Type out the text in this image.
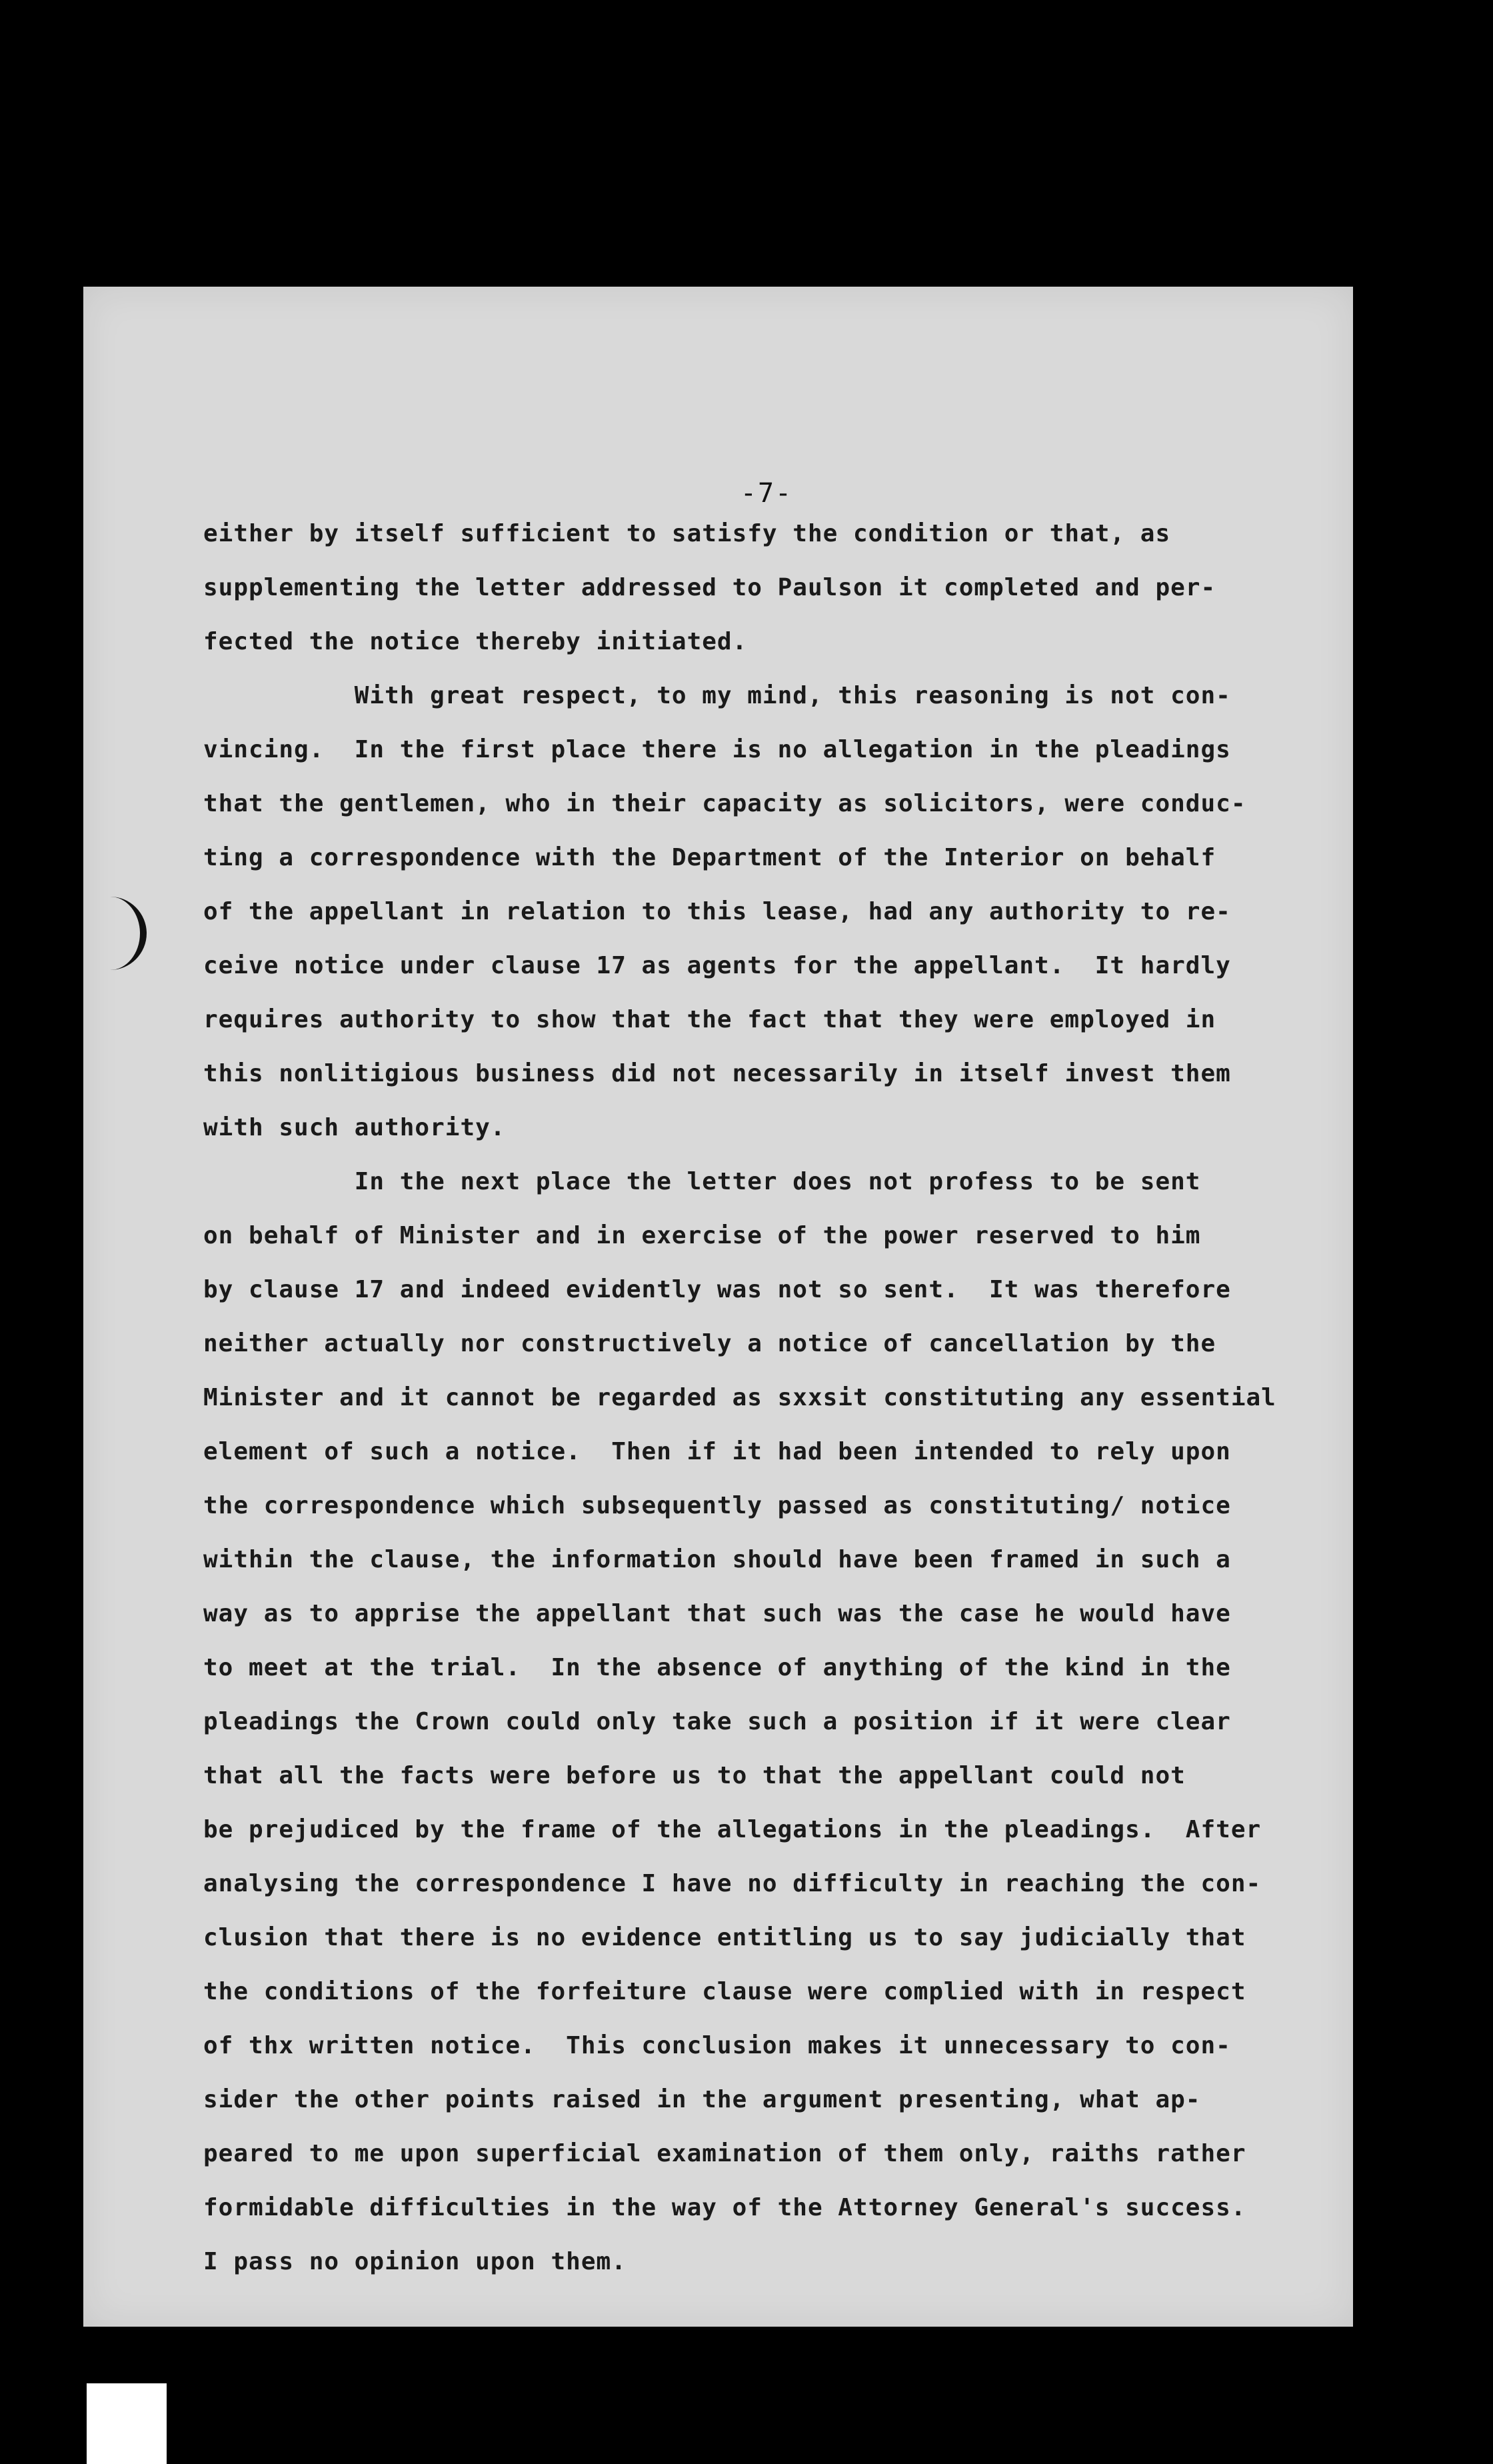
-7-
either by itself sufficient to satisfy the condition or that, as
supplementing the letter addressed to Paulson it completed and per-
fected the notice thereby initiated.
With great respect, to my mind, this reasoning is not con-
vincing.  In the first place there is no allegation in the pleadings
that the gentlemen, who in their capacity as solicitors, were conduc-
ting a correspondence with the Department of the Interior on behalf
of the appellant in relation to this lease, had any authority to re-
ceive notice under clause 17 as agents for the appellant.  It hardly
requires authority to show that the fact that they were employed in
this nonlitigious business did not necessarily in itself invest them
with such authority.
In the next place the letter does not profess to be sent
on behalf of Minister and in exercise of the power reserved to him
by clause 17 and indeed evidently was not so sent.  It was therefore
neither actually nor constructively a notice of cancellation by the
Minister and it cannot be regarded as sxxsit constituting any essential
element of such a notice.  Then if it had been intended to rely upon
the correspondence which subsequently passed as constituting/ notice
within the clause, the information should have been framed in such a
way as to apprise the appellant that such was the case he would have
to meet at the trial.  In the absence of anything of the kind in the
pleadings the Crown could only take such a position if it were clear
that all the facts were before us to that the appellant could not
be prejudiced by the frame of the allegations in the pleadings.  After
analysing the correspondence I have no difficulty in reaching the con-
clusion that there is no evidence entitling us to say judicially that
the conditions of the forfeiture clause were complied with in respect
of thx written notice.  This conclusion makes it unnecessary to con-
sider the other points raised in the argument presenting, what ap-
peared to me upon superficial examination of them only, raiths rather
formidable difficulties in the way of the Attorney General's success.
I pass no opinion upon them.
